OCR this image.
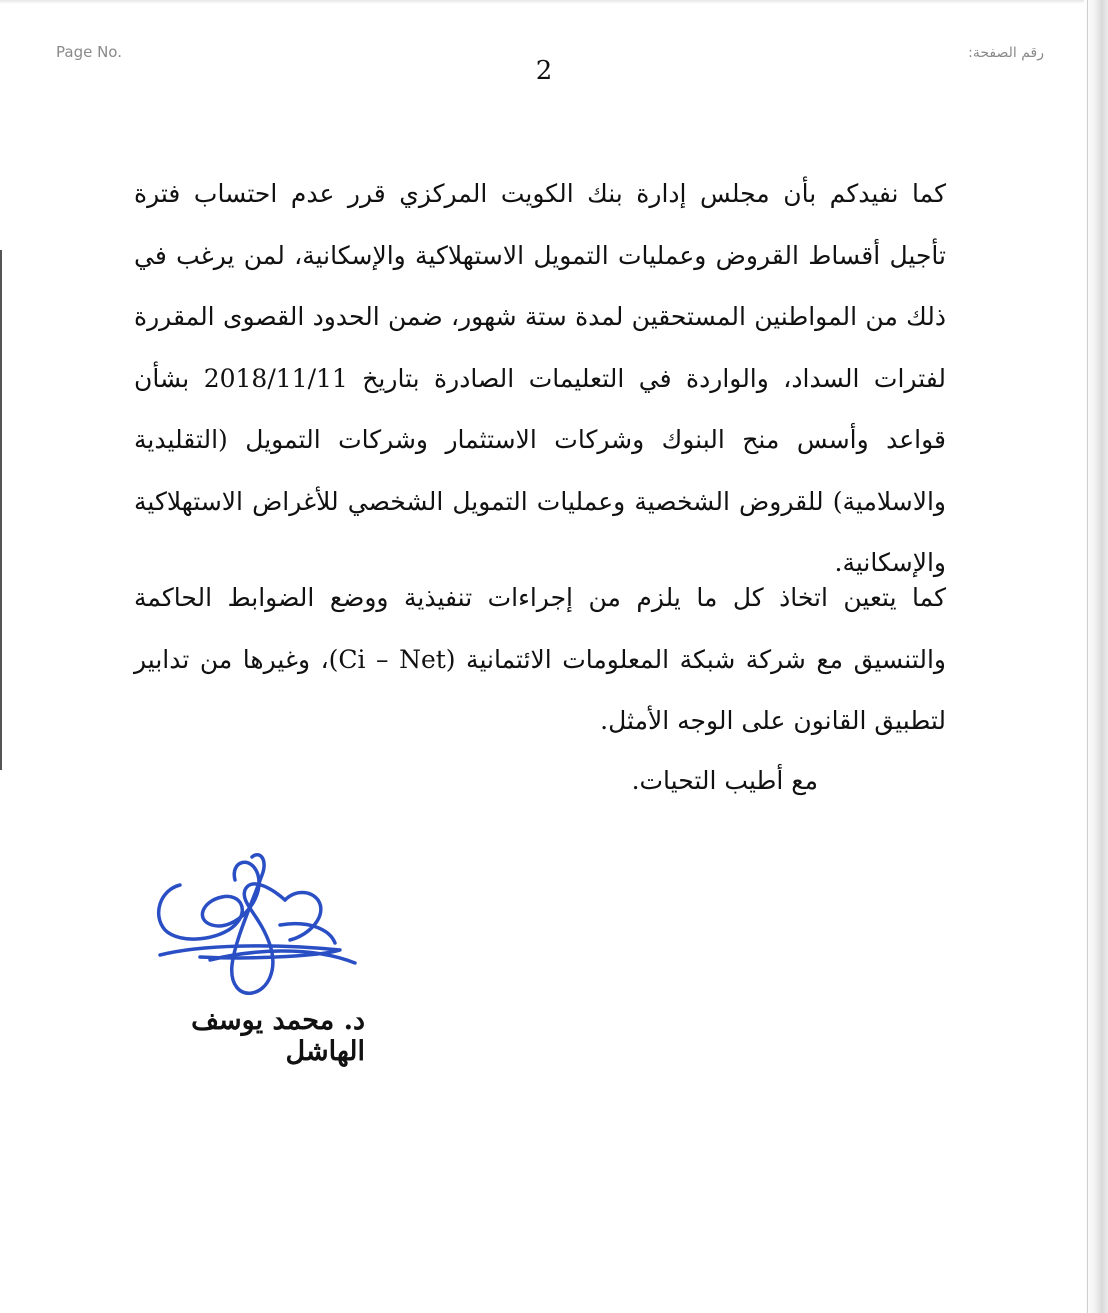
Page No.	رقم الصفحة:
2
كما نفيدكم بأن مجلس إدارة بنك الكويت المركزي قرر عدم احتساب فترة تأجيل أقساط القروض وعمليات التمويل الاستهلاكية والإسكانية، لمن يرغب في ذلك من المواطنين المستحقين لمدة ستة شهور، ضمن الحدود القصوى المقررة لفترات السداد، والواردة في التعليمات الصادرة بتاريخ 2018/11/11 بشأن قواعد وأسس منح البنوك وشركات الاستثمار وشركات التمويل (التقليدية والاسلامية) للقروض الشخصية وعمليات التمويل الشخصي للأغراض الاستهلاكية والإسكانية.
كما يتعين اتخاذ كل ما يلزم من إجراءات تنفيذية ووضع الضوابط الحاكمة والتنسيق مع شركة شبكة المعلومات الائتمانية (Ci – Net)، وغيرها من تدابير لتطبيق القانون على الوجه الأمثل.
مع أطيب التحيات.
د. محمد يوسف الهاشل
